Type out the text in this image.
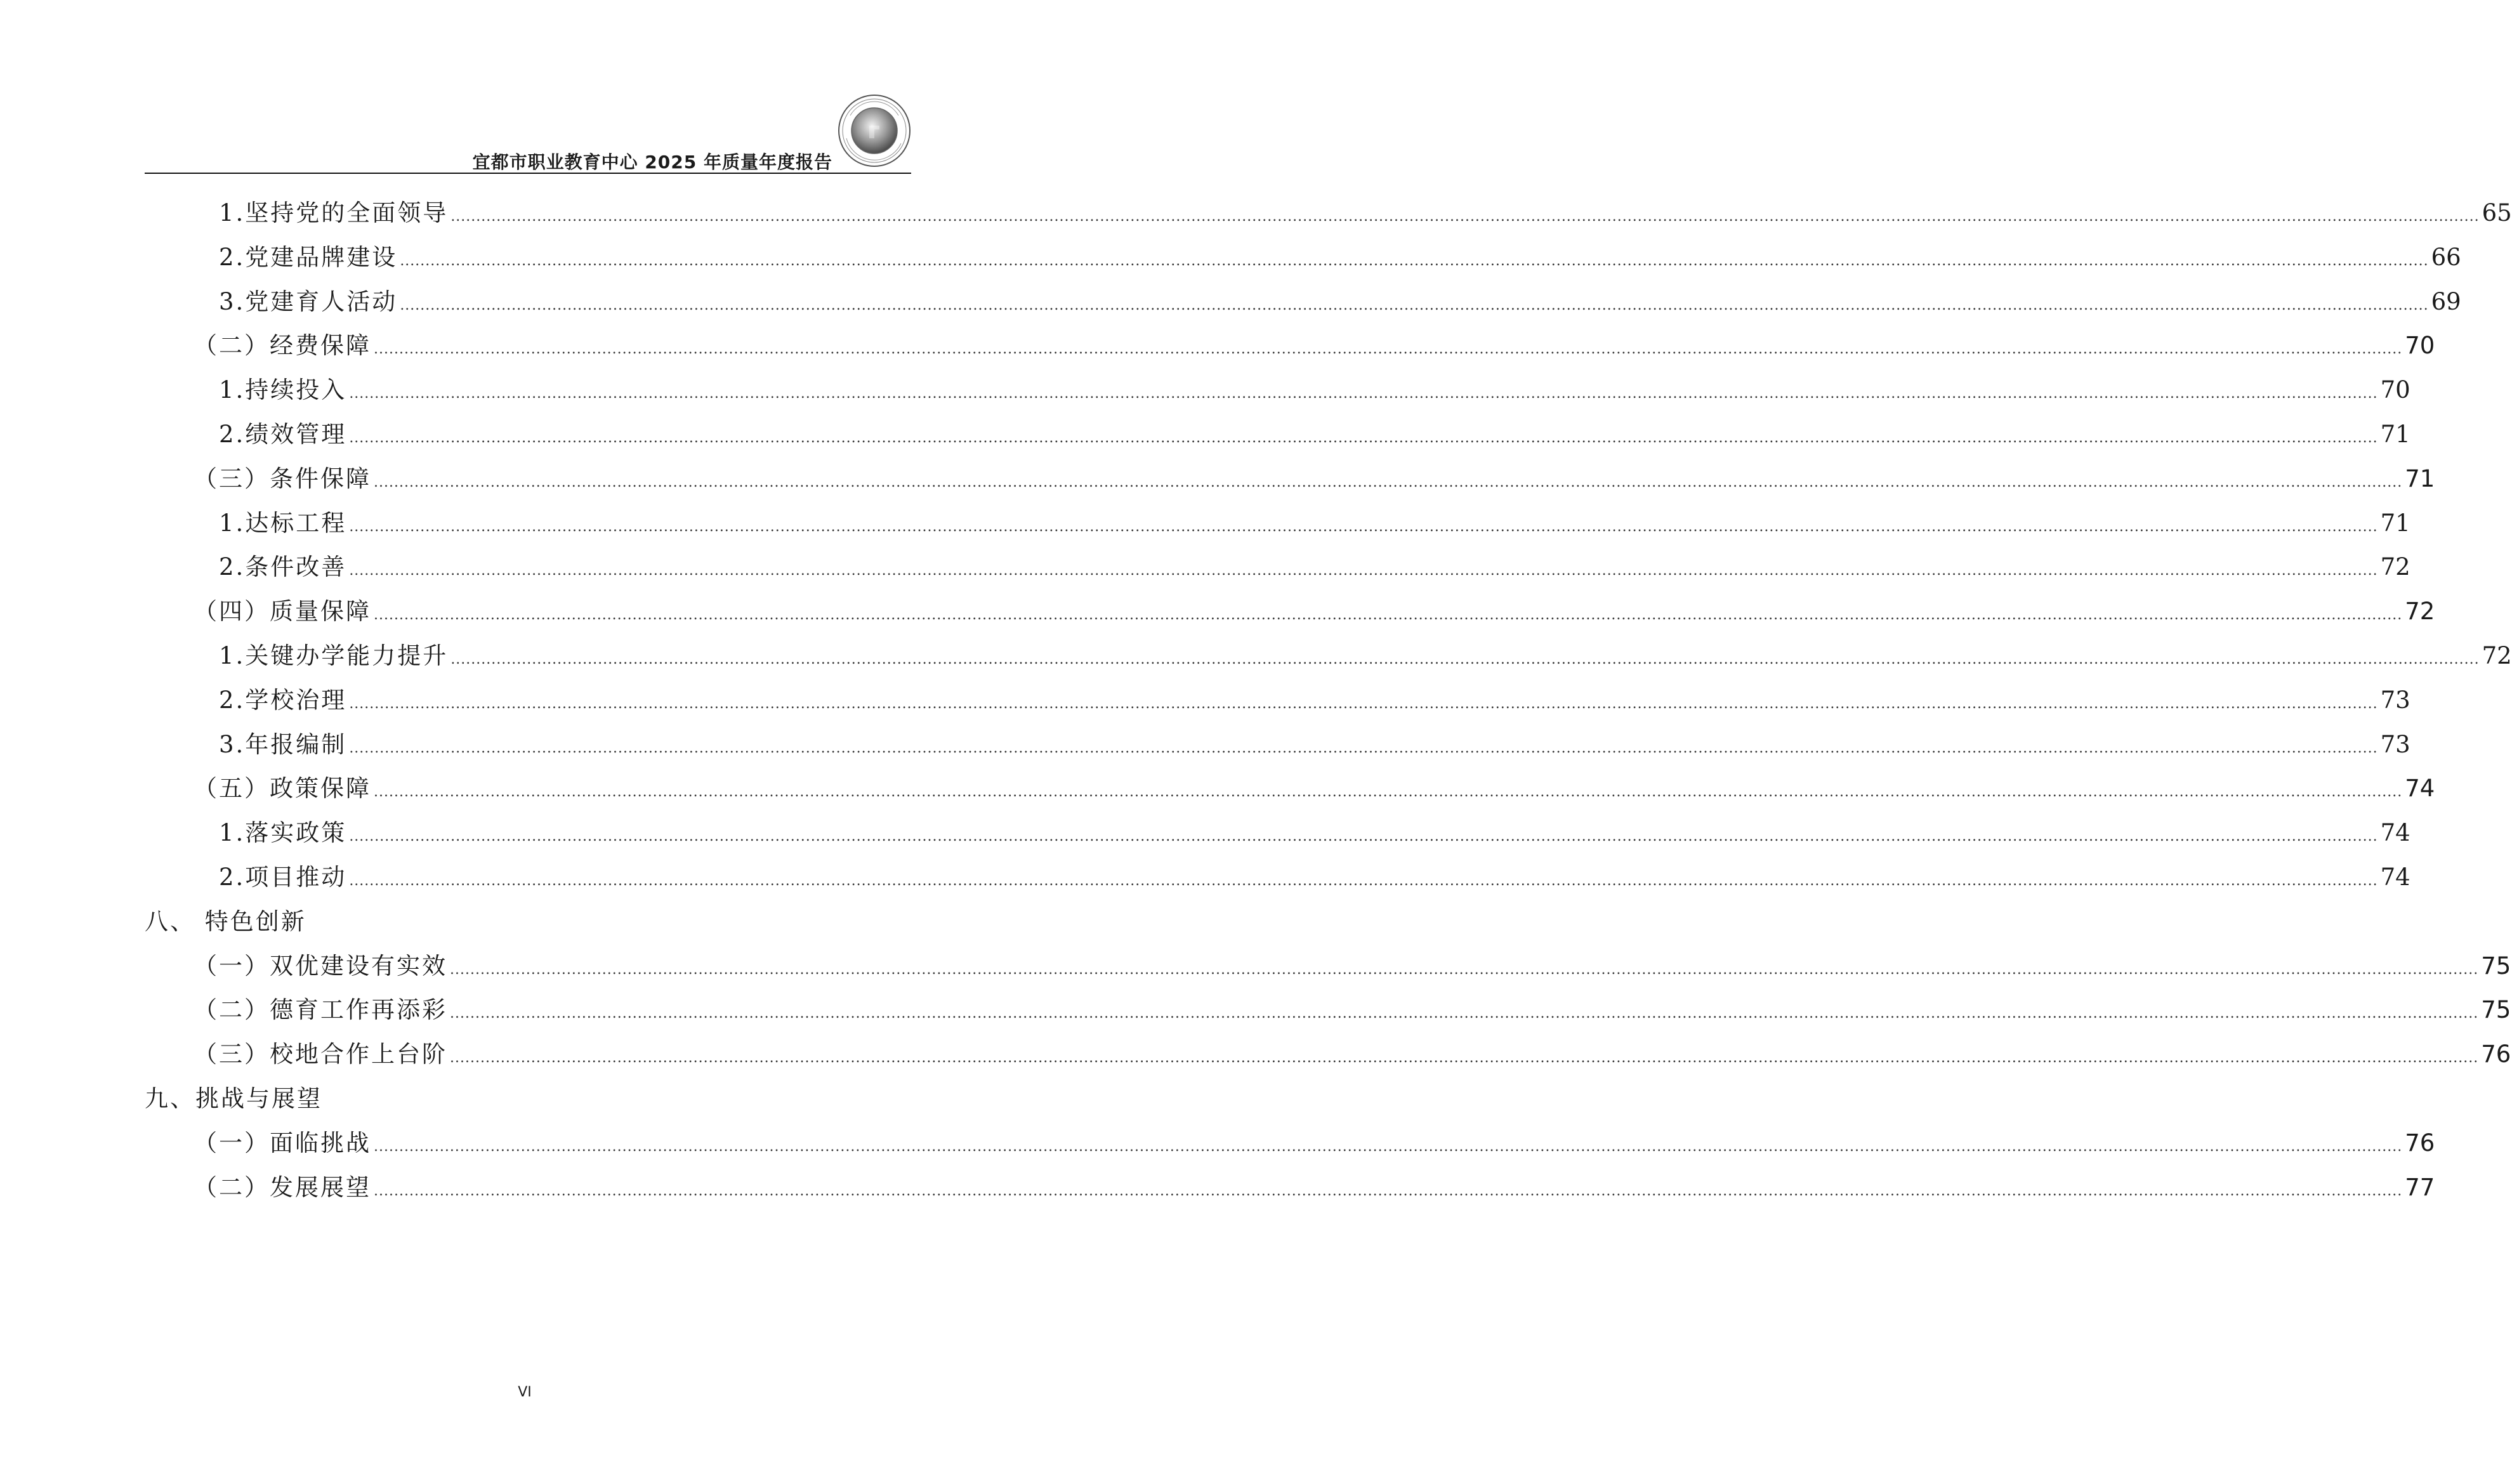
宜都市职业教育中心 2025 年质量年度报告
1.坚持党的全面领导 ................................................................................................................................................................................................................................................................................................................................................................................................................ 65
2.党建品牌建设 ................................................................................................................................................................................................................................................................................................................................................................................................................ 66
3.党建育人活动 ................................................................................................................................................................................................................................................................................................................................................................................................................ 69
（二）经费保障 ................................................................................................................................................................................................................................................................................................................................................................................................................ 70
1.持续投入 ................................................................................................................................................................................................................................................................................................................................................................................................................ 70
2.绩效管理 ................................................................................................................................................................................................................................................................................................................................................................................................................ 71
（三）条件保障 ................................................................................................................................................................................................................................................................................................................................................................................................................ 71
1.达标工程 ................................................................................................................................................................................................................................................................................................................................................................................................................ 71
2.条件改善 ................................................................................................................................................................................................................................................................................................................................................................................................................ 72
（四）质量保障 ................................................................................................................................................................................................................................................................................................................................................................................................................ 72
1.关键办学能力提升 ................................................................................................................................................................................................................................................................................................................................................................................................................ 72
2.学校治理 ................................................................................................................................................................................................................................................................................................................................................................................................................ 73
3.年报编制 ................................................................................................................................................................................................................................................................................................................................................................................................................ 73
（五）政策保障 ................................................................................................................................................................................................................................................................................................................................................................................................................ 74
1.落实政策 ................................................................................................................................................................................................................................................................................................................................................................................................................ 74
2.项目推动 ................................................................................................................................................................................................................................................................................................................................................................................................................ 74
八、 特色创新
（一）双优建设有实效 ................................................................................................................................................................................................................................................................................................................................................................................................................ 75
（二）德育工作再添彩 ................................................................................................................................................................................................................................................................................................................................................................................................................ 75
（三）校地合作上台阶 ................................................................................................................................................................................................................................................................................................................................................................................................................ 76
九、挑战与展望
（一）面临挑战 ................................................................................................................................................................................................................................................................................................................................................................................................................ 76
（二）发展展望 ................................................................................................................................................................................................................................................................................................................................................................................................................ 77
VI
